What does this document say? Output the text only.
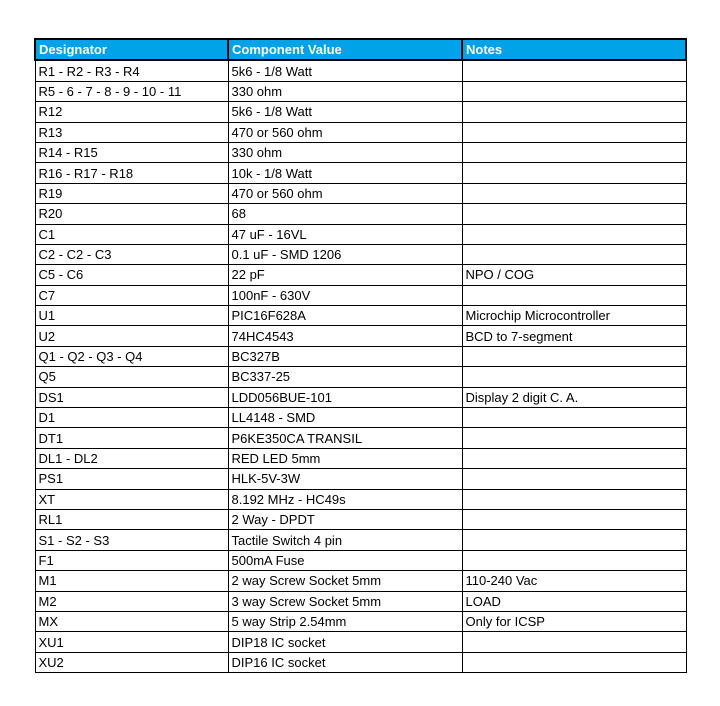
Designator	Component Value	Notes
R1 - R2 - R3 - R4	5k6 - 1/8 Watt	
R5 - 6 - 7 - 8 - 9 - 10 - 11	330 ohm	
R12	5k6 - 1/8 Watt	
R13	470 or 560 ohm	
R14 - R15	330 ohm	
R16 - R17 - R18	10k - 1/8 Watt	
R19	470 or 560 ohm	
R20	68	
C1	47 uF - 16VL	
C2 - C2 - C3	0.1 uF - SMD 1206	
C5 - C6	22 pF	NPO / COG
C7	100nF - 630V	
U1	PIC16F628A	Microchip Microcontroller
U2	74HC4543	BCD to 7-segment
Q1 - Q2 - Q3 - Q4	BC327B	
Q5	BC337-25	
DS1	LDD056BUE-101	Display 2 digit C. A.
D1	LL4148 - SMD	
DT1	P6KE350CA TRANSIL	
DL1 - DL2	RED LED 5mm	
PS1	HLK-5V-3W	
XT	8.192 MHz - HC49s	
RL1	2 Way - DPDT	
S1 - S2 - S3	Tactile Switch 4 pin	
F1	500mA Fuse	
M1	2 way Screw Socket 5mm	110-240 Vac
M2	3 way Screw Socket 5mm	LOAD
MX	5 way Strip 2.54mm	Only for ICSP
XU1	DIP18 IC socket	
XU2	DIP16 IC socket	
